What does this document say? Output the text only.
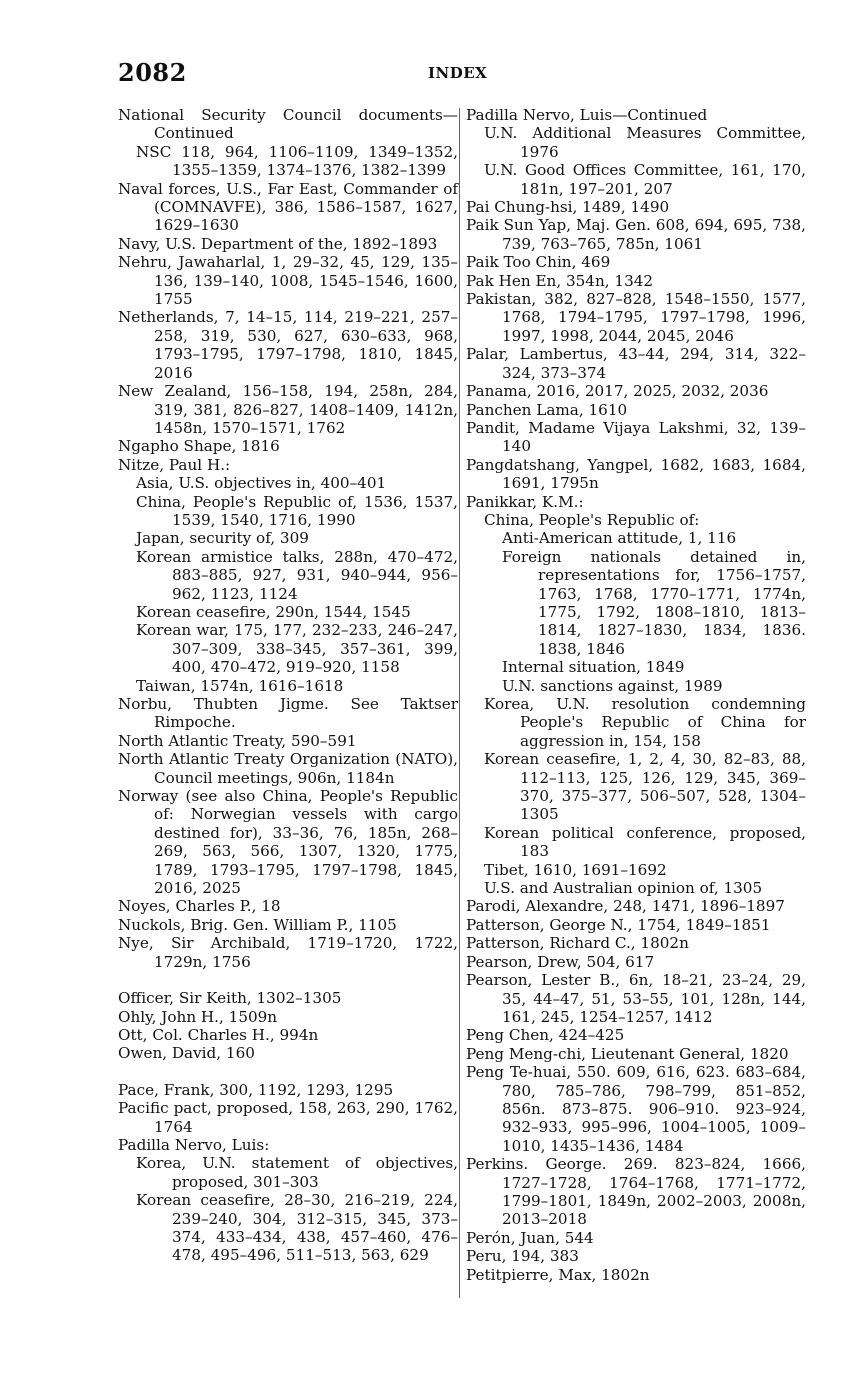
2082	INDEX

National Security Council documents—Continued

NSC 118, 964, 1106–1109, 1349–1352, 1355–1359, 1374–1376, 1382–1399

Naval forces, U.S., Far East, Commander of (COMNAVFE), 386, 1586–1587, 1627, 1629–1630

Navy, U.S. Department of the, 1892–1893

Nehru, Jawaharlal, 1, 29–32, 45, 129, 135–136, 139–140, 1008, 1545–1546, 1600, 1755

Netherlands, 7, 14–15, 114, 219–221, 257–258, 319, 530, 627, 630–633, 968, 1793–1795, 1797–1798, 1810, 1845, 2016

New Zealand, 156–158, 194, 258n, 284, 319, 381, 826–827, 1408–1409, 1412n, 1458n, 1570–1571, 1762

Ngapho Shape, 1816

Nitze, Paul H.:

Asia, U.S. objectives in, 400–401

China, People's Republic of, 1536, 1537, 1539, 1540, 1716, 1990

Japan, security of, 309

Korean armistice talks, 288n, 470–472, 883–885, 927, 931, 940–944, 956–962, 1123, 1124

Korean ceasefire, 290n, 1544, 1545

Korean war, 175, 177, 232–233, 246–247, 307–309, 338–345, 357–361, 399, 400, 470–472, 919–920, 1158

Taiwan, 1574n, 1616–1618

Norbu, Thubten Jigme. See Taktser Rimpoche.

North Atlantic Treaty, 590–591

North Atlantic Treaty Organization (NATO), Council meetings, 906n, 1184n

Norway (see also China, People's Republic of: Norwegian vessels with cargo destined for), 33–36, 76, 185n, 268–269, 563, 566, 1307, 1320, 1775, 1789, 1793–1795, 1797–1798, 1845, 2016, 2025

Noyes, Charles P., 18

Nuckols, Brig. Gen. William P., 1105

Nye, Sir Archibald, 1719–1720, 1722, 1729n, 1756

Officer, Sir Keith, 1302–1305

Ohly, John H., 1509n

Ott, Col. Charles H., 994n

Owen, David, 160

Pace, Frank, 300, 1192, 1293, 1295

Pacific pact, proposed, 158, 263, 290, 1762, 1764

Padilla Nervo, Luis:

Korea, U.N. statement of objectives, proposed, 301–303

Korean ceasefire, 28–30, 216–219, 224, 239–240, 304, 312–315, 345, 373–374, 433–434, 438, 457–460, 476–478, 495–496, 511–513, 563, 629

Padilla Nervo, Luis—Continued

U.N. Additional Measures Committee, 1976

U.N. Good Offices Committee, 161, 170, 181n, 197–201, 207

Pai Chung-hsi, 1489, 1490

Paik Sun Yap, Maj. Gen. 608, 694, 695, 738, 739, 763–765, 785n, 1061

Paik Too Chin, 469

Pak Hen En, 354n, 1342

Pakistan, 382, 827–828, 1548–1550, 1577, 1768, 1794–1795, 1797–1798, 1996, 1997, 1998, 2044, 2045, 2046

Palar, Lambertus, 43–44, 294, 314, 322–324, 373–374

Panama, 2016, 2017, 2025, 2032, 2036

Panchen Lama, 1610

Pandit, Madame Vijaya Lakshmi, 32, 139–140

Pangdatshang, Yangpel, 1682, 1683, 1684, 1691, 1795n

Panikkar, K.M.:

China, People's Republic of:

Anti-American attitude, 1, 116

Foreign nationals detained in, representations for, 1756–1757, 1763, 1768, 1770–1771, 1774n, 1775, 1792, 1808–1810, 1813–1814, 1827–1830, 1834, 1836. 1838, 1846

Internal situation, 1849

U.N. sanctions against, 1989

Korea, U.N. resolution condemning People's Republic of China for aggression in, 154, 158

Korean ceasefire, 1, 2, 4, 30, 82–83, 88, 112–113, 125, 126, 129, 345, 369–370, 375–377, 506–507, 528, 1304–1305

Korean political conference, proposed, 183

Tibet, 1610, 1691–1692

U.S. and Australian opinion of, 1305

Parodi, Alexandre, 248, 1471, 1896–1897

Patterson, George N., 1754, 1849–1851

Patterson, Richard C., 1802n

Pearson, Drew, 504, 617

Pearson, Lester B., 6n, 18–21, 23–24, 29, 35, 44–47, 51, 53–55, 101, 128n, 144, 161, 245, 1254–1257, 1412

Peng Chen, 424–425

Peng Meng-chi, Lieutenant General, 1820

Peng Te-huai, 550. 609, 616, 623. 683–684, 780, 785–786, 798–799, 851–852, 856n. 873–875. 906–910. 923–924, 932–933, 995–996, 1004–1005, 1009–1010, 1435–1436, 1484

Perkins. George. 269. 823–824, 1666, 1727–1728, 1764–1768, 1771–1772, 1799–1801, 1849n, 2002–2003, 2008n, 2013–2018

Perón, Juan, 544

Peru, 194, 383

Petitpierre, Max, 1802n
